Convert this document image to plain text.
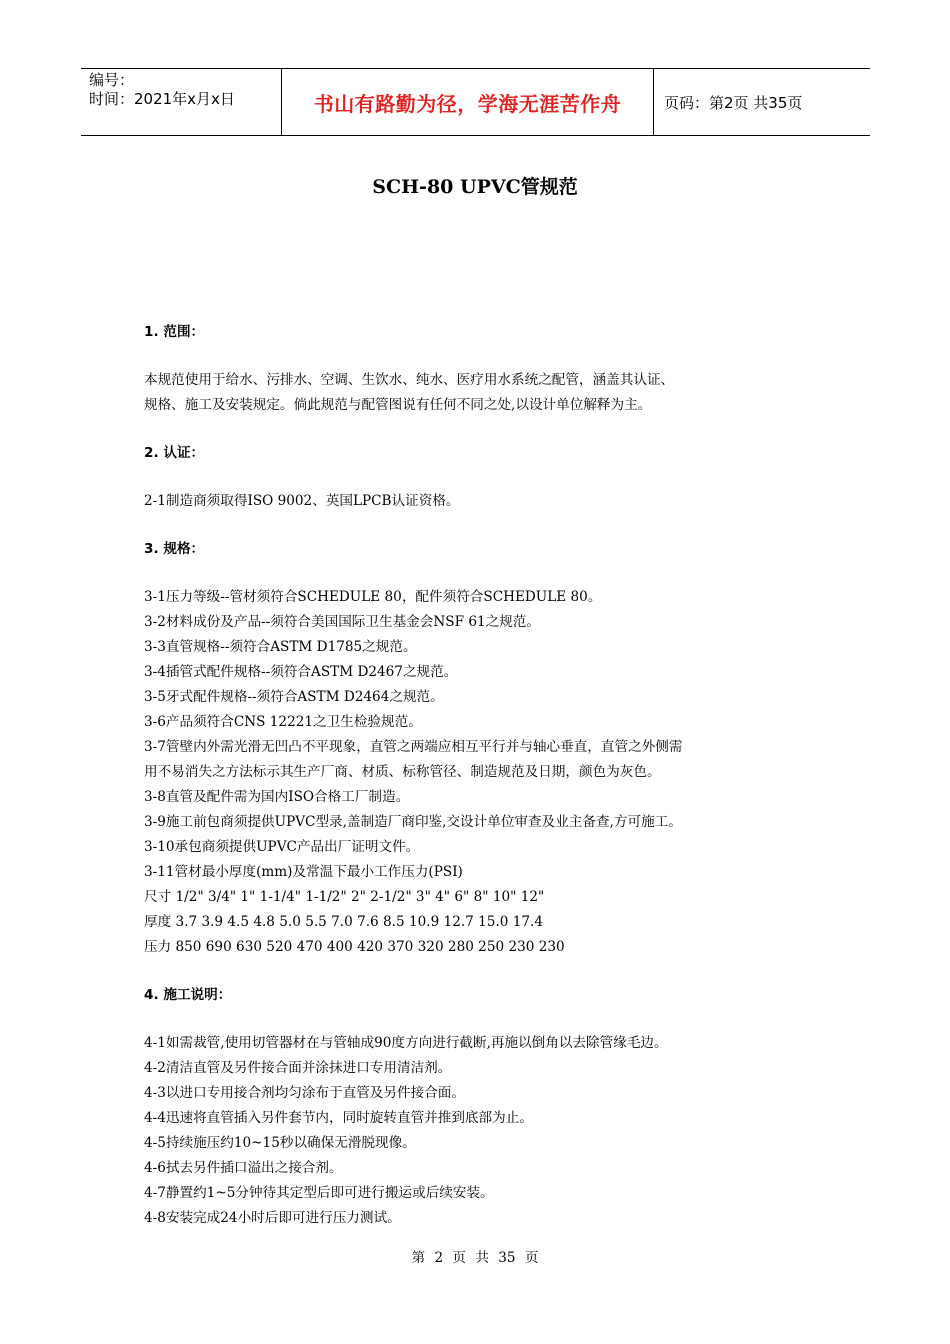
编号：
时间：2021年x月x日	书山有路勤为径，学海无涯苦作舟	页码：第2页 共35页
SCH-80 UPVC管规范
1. 范围：
本规范使用于给水、污排水、空调、生饮水、纯水、医疗用水系统之配管，涵盖其认证、
规格、施工及安装规定。倘此规范与配管图说有任何不同之处,以设计单位解释为主。
2. 认证：
2-1制造商须取得ISO 9002、英国LPCB认证资格。
3. 规格：
3-1压力等级--管材须符合SCHEDULE 80，配件须符合SCHEDULE 80。
3-2材料成份及产品--须符合美国国际卫生基金会NSF 61之规范。
3-3直管规格--须符合ASTM D1785之规范。
3-4插管式配件规格--须符合ASTM D2467之规范。
3-5牙式配件规格--须符合ASTM D2464之规范。
3-6产品须符合CNS 12221之卫生检验规范。
3-7管壁内外需光滑无凹凸不平现象，直管之两端应相互平行并与轴心垂直，直管之外侧需
用不易消失之方法标示其生产厂商、材质、标称管径、制造规范及日期，颜色为灰色。
3-8直管及配件需为国内ISO合格工厂制造。
3-9施工前包商须提供UPVC型录,盖制造厂商印鉴,交设计单位审查及业主备查,方可施工。
3-10承包商须提供UPVC产品出厂证明文件。
3-11管材最小厚度(mm)及常温下最小工作压力(PSI)
尺寸 1/2" 3/4" 1" 1-1/4" 1-1/2" 2" 2-1/2" 3" 4" 6" 8" 10" 12"
厚度 3.7 3.9 4.5 4.8 5.0 5.5 7.0 7.6 8.5 10.9 12.7 15.0 17.4
压力 850 690 630 520 470 400 420 370 320 280 250 230 230
4. 施工说明：
4-1如需裁管,使用切管器材在与管轴成90度方向进行截断,再施以倒角以去除管缘毛边。
4-2清洁直管及另件接合面并涂抹进口专用清洁剂。
4-3以进口专用接合剂均匀涂布于直管及另件接合面。
4-4迅速将直管插入另件套节内，同时旋转直管并推到底部为止。
4-5持续施压约10~15秒以确保无滑脱现像。
4-6拭去另件插口溢出之接合剂。
4-7静置约1~5分钟待其定型后即可进行搬运或后续安装。
4-8安装完成24小时后即可进行压力测试。
第 2 页 共 35 页
